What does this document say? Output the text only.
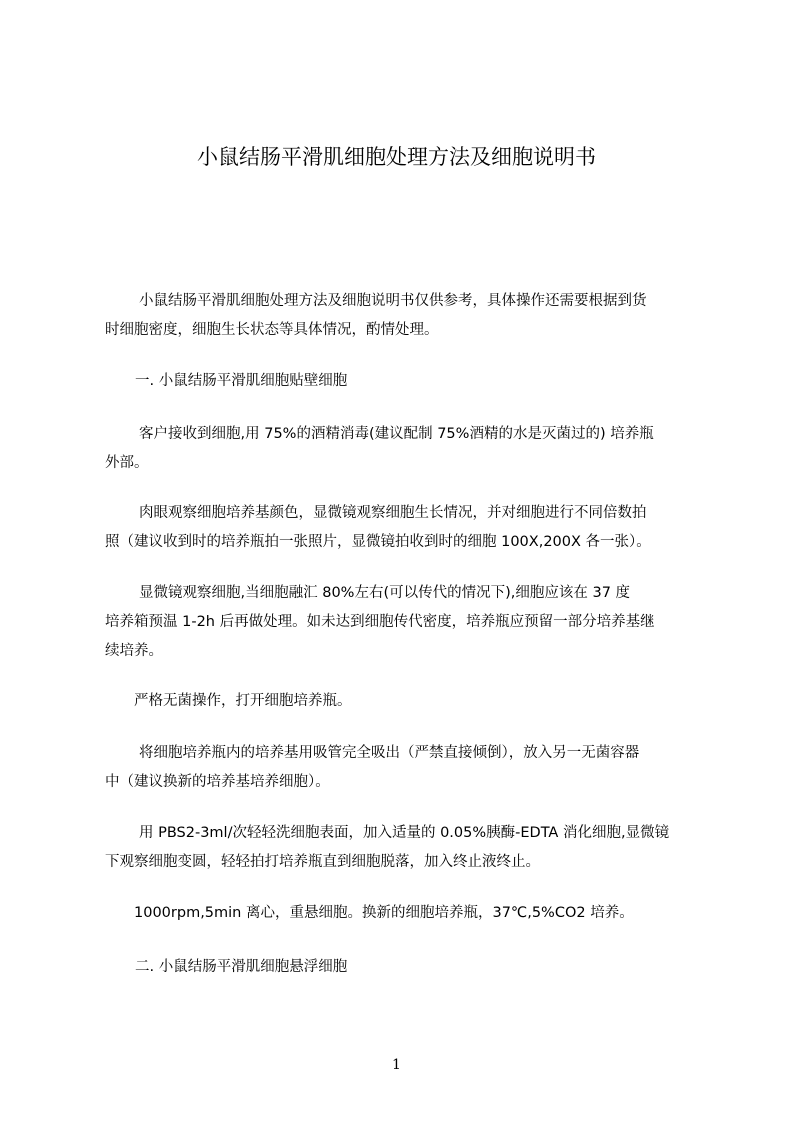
小鼠结肠平滑肌细胞处理方法及细胞说明书
小鼠结肠平滑肌细胞处理方法及细胞说明书仅供参考，具体操作还需要根据到货
时细胞密度，细胞生长状态等具体情况，酌情处理。
一. 小鼠结肠平滑肌细胞贴壁细胞
客户接收到细胞,用 75%的酒精消毒(建议配制 75%酒精的水是灭菌过的) 培养瓶
外部。
肉眼观察细胞培养基颜色，显微镜观察细胞生长情况，并对细胞进行不同倍数拍
照（建议收到时的培养瓶拍一张照片，显微镜拍收到时的细胞 100X,200X 各一张）。
显微镜观察细胞,当细胞融汇 80%左右(可以传代的情况下),细胞应该在 37 度
培养箱预温 1-2h 后再做处理。如未达到细胞传代密度，培养瓶应预留一部分培养基继
续培养。
严格无菌操作，打开细胞培养瓶。
将细胞培养瓶内的培养基用吸管完全吸出（严禁直接倾倒），放入另一无菌容器
中（建议换新的培养基培养细胞）。
用 PBS2-3ml/次轻轻洗细胞表面，加入适量的 0.05%胰酶-EDTA 消化细胞,显微镜
下观察细胞变圆，轻轻拍打培养瓶直到细胞脱落，加入终止液终止。
1000rpm,5min 离心，重悬细胞。换新的细胞培养瓶，37℃,5%CO2 培养。
二. 小鼠结肠平滑肌细胞悬浮细胞
1
